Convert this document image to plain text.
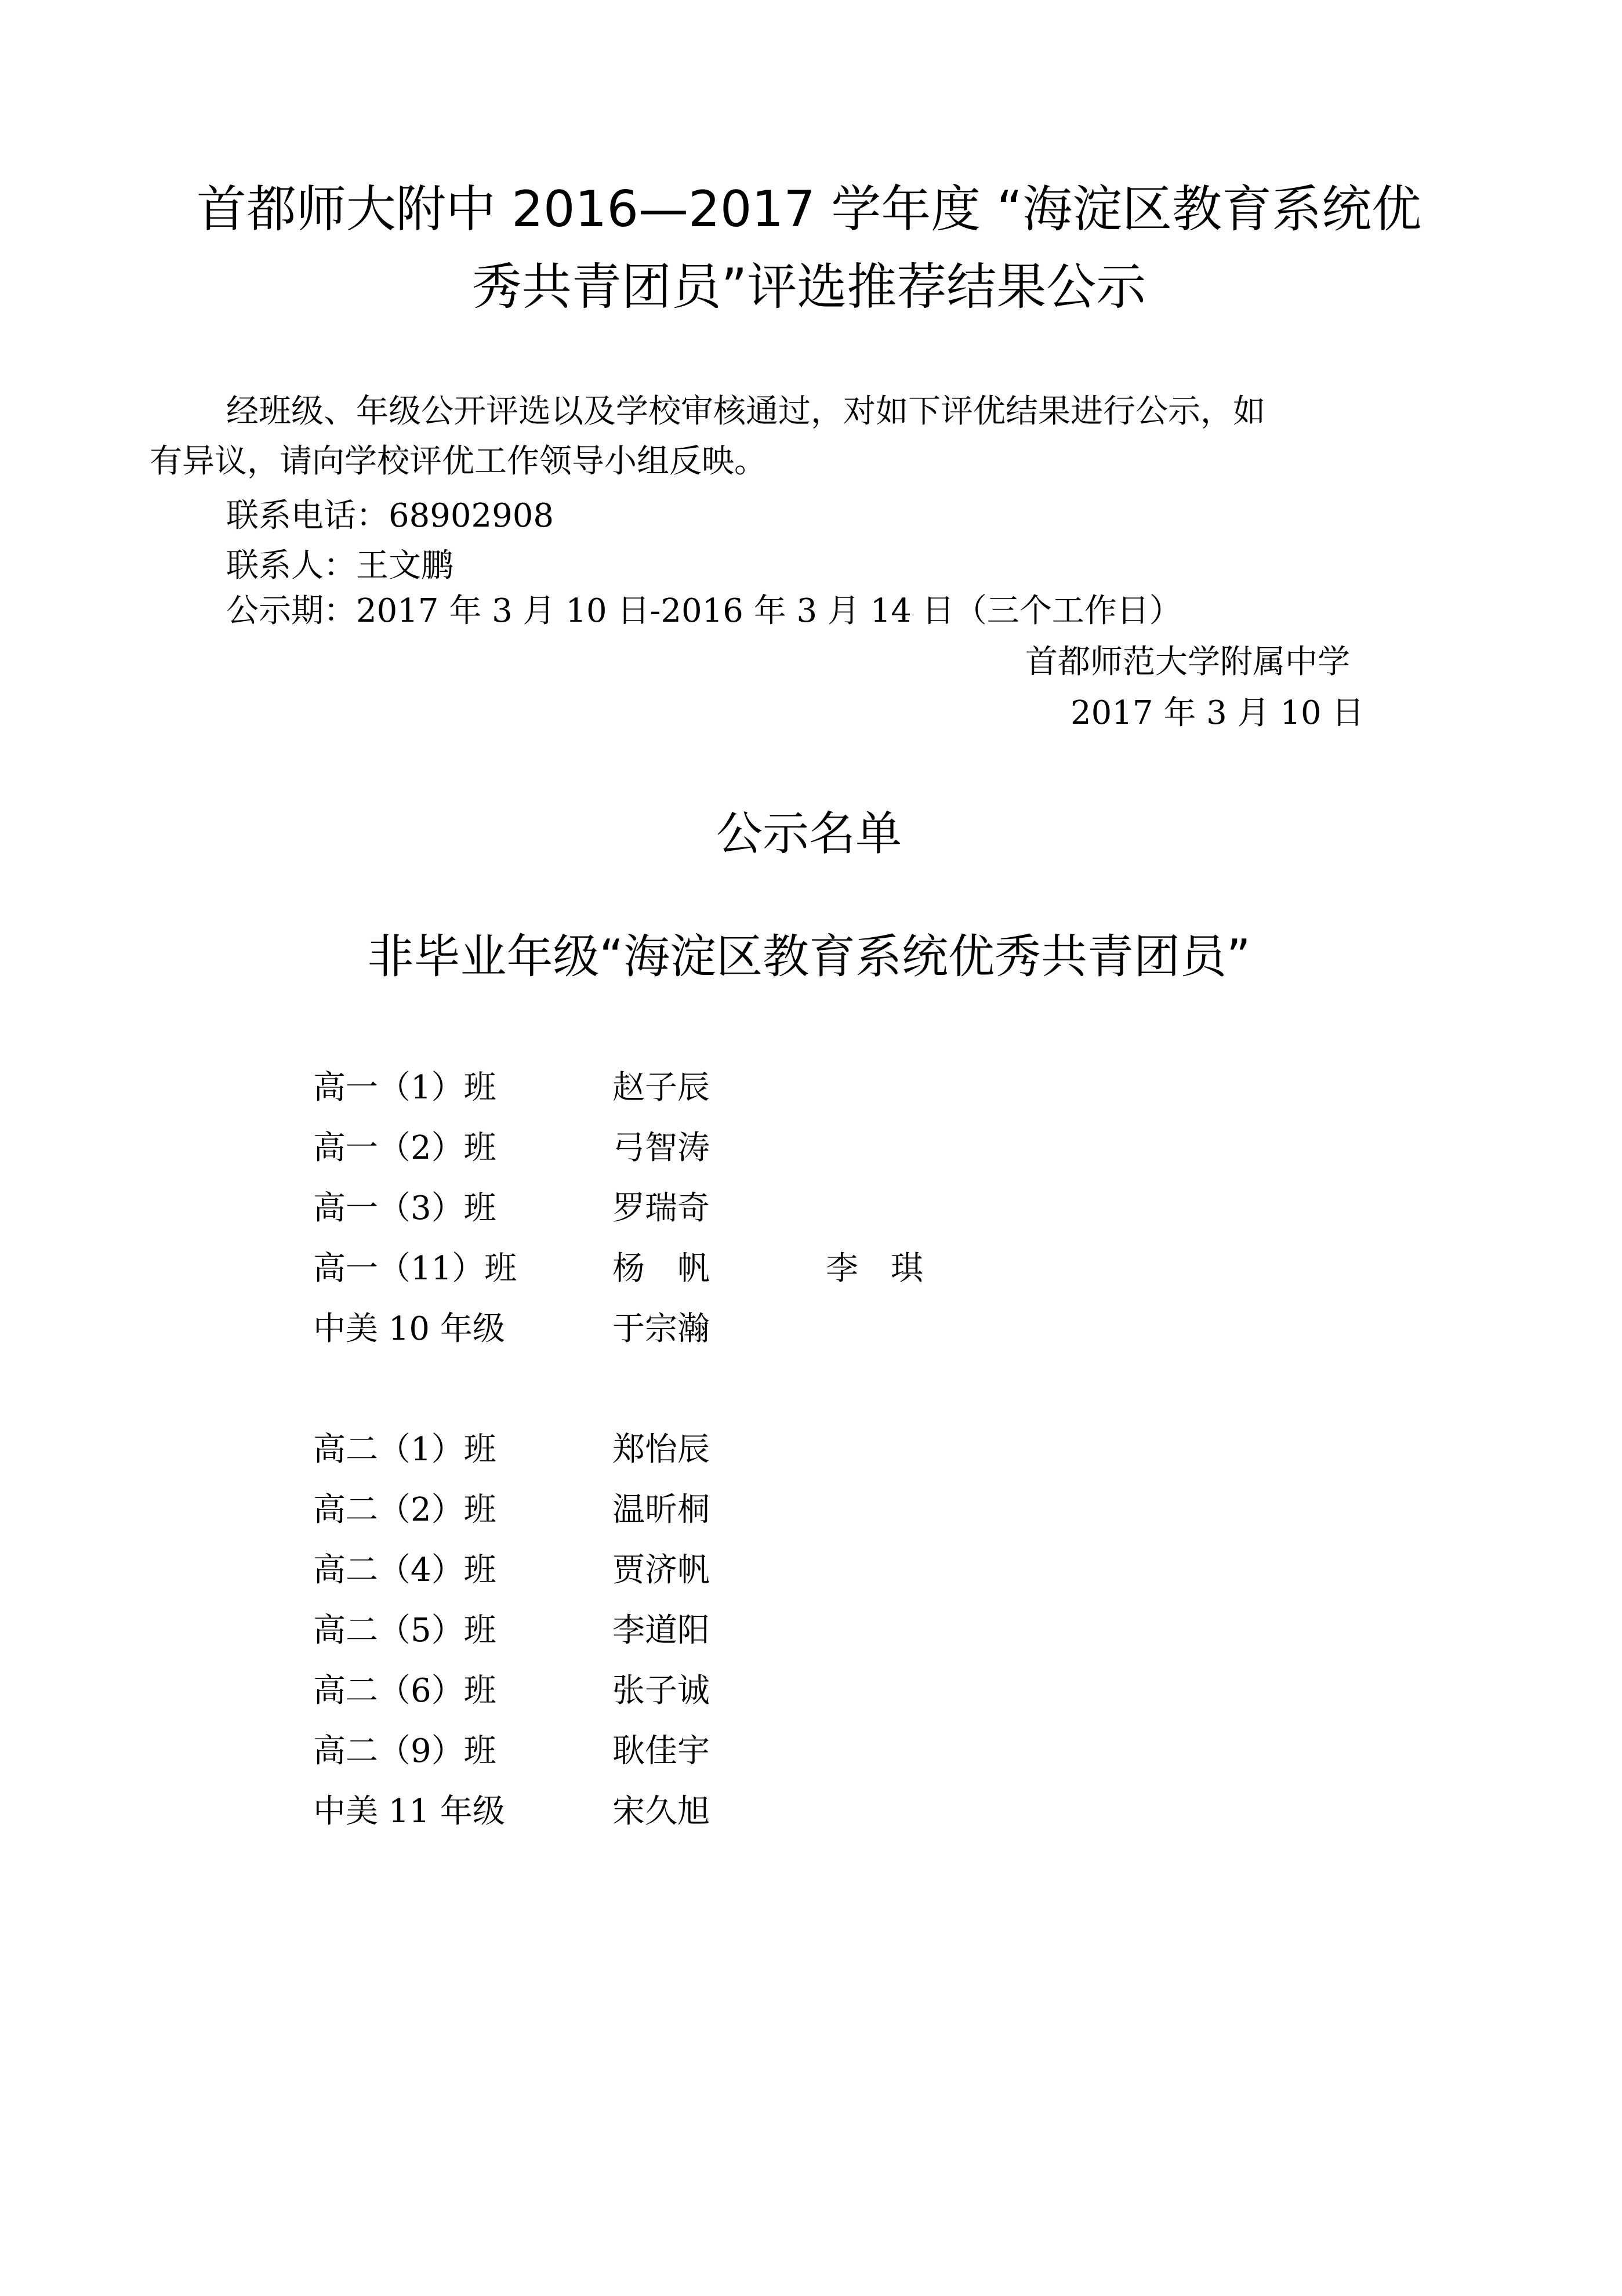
首都师大附中 2016—2017 学年度 “海淀区教育系统优
秀共青团员”评选推荐结果公示
经班级、年级公开评选以及学校审核通过，对如下评优结果进行公示，如
有异议，请向学校评优工作领导小组反映。
联系电话：68902908
联系人：王文鹏
公示期：2017 年 3 月 10 日-2016 年 3 月 14 日（三个工作日）
首都师范大学附属中学
2017 年 3 月 10 日
公示名单
非毕业年级“海淀区教育系统优秀共青团员”
高一（1）班	赵子辰
高一（2）班	弓智涛
高一（3）班	罗瑞奇
高一（11）班	杨　帆	李　琪
中美 10 年级	于宗瀚
高二（1）班	郑怡辰
高二（2）班	温昕桐
高二（4）班	贾济帆
高二（5）班	李道阳
高二（6）班	张子诚
高二（9）班	耿佳宇
中美 11 年级	宋久旭
